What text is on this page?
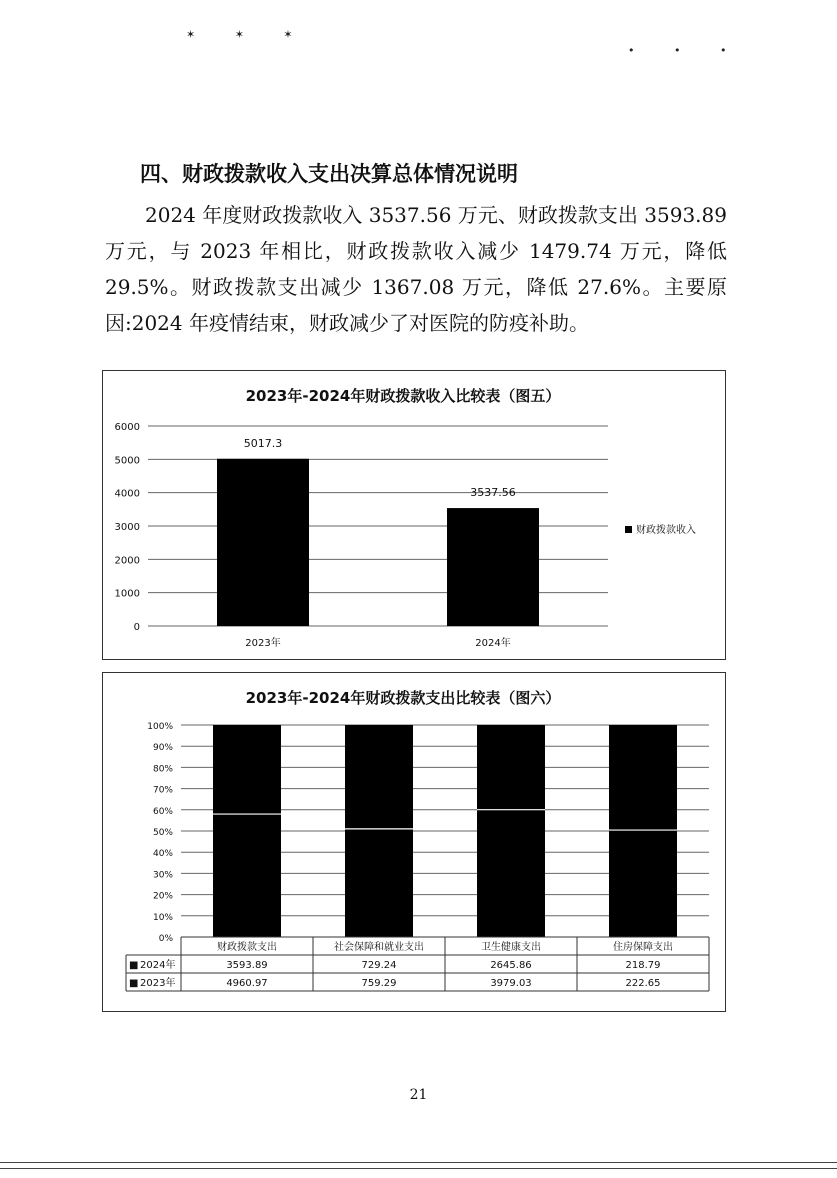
✶ ✶ ✶
• • •
四、财政拨款收入支出决算总体情况说明

2024 年度财政拨款收入 3537.56 万元、财政拨款支出 3593.89 万元，与 2023 年相比，财政拨款收入减少 1479.74 万元，降低 29.5%。财政拨款支出减少 1367.08 万元，降低 27.6%。主要原因:2024 年疫情结束，财政减少了对医院的防疫补助。

2023年-2024年财政拨款收入比较表（图五）
0
1000
2000
3000
4000
5000
6000
5017.3
2023年
3537.56
2024年
财政拨款收入
2023年-2024年财政拨款支出比较表（图六）
0%
10%
20%
30%
40%
50%
60%
70%
80%
90%
100%
财政拨款支出
3593.89
4960.97
社会保障和就业支出
729.24
759.29
卫生健康支出
2645.86
3979.03
住房保障支出
218.79
222.65
■ 2024年
■ 2023年
21
